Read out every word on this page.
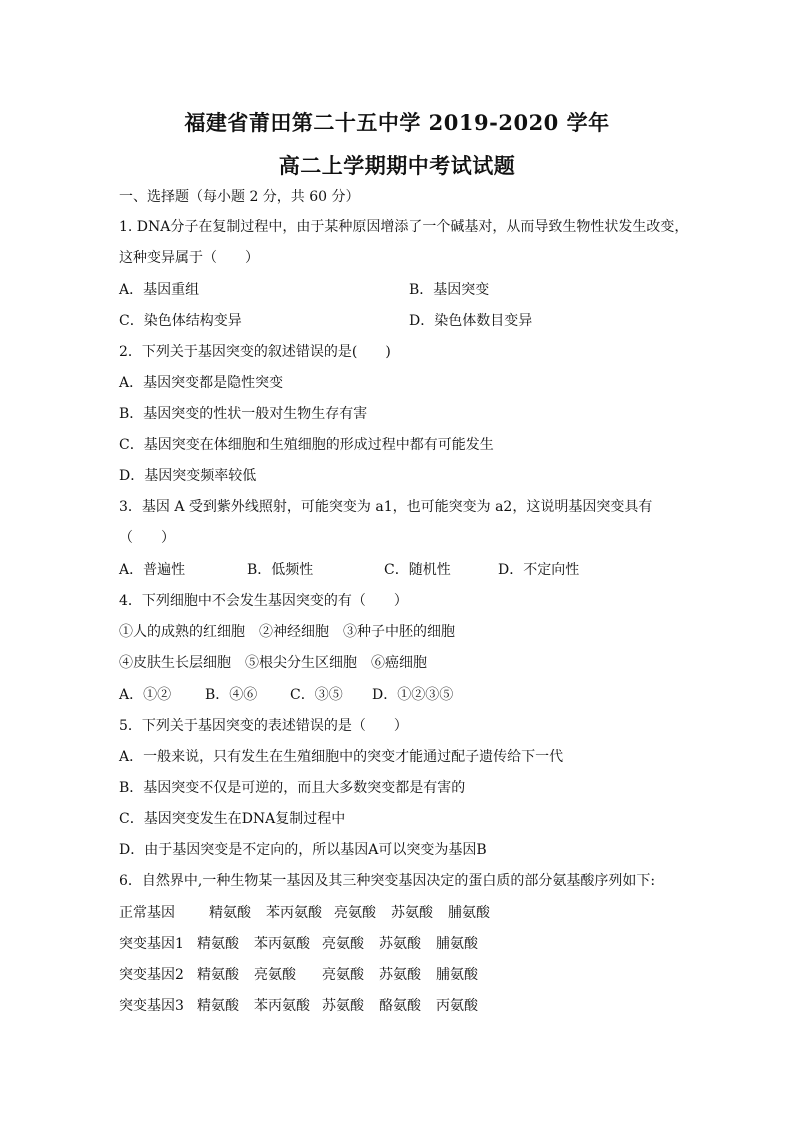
福建省莆田第二十五中学 2019-2020 学年
高二上学期期中考试试题
一、选择题（每小题 2 分，共 60 分）
1. DNA分子在复制过程中，由于某种原因增添了一个碱基对，从而导致生物性状发生改变，
这种变异属于（　　）
A．基因重组	B．基因突变
C．染色体结构变异	D．染色体数目变异
2．下列关于基因突变的叙述错误的是(　　)
A．基因突变都是隐性突变
B．基因突变的性状一般对生物生存有害
C．基因突变在体细胞和生殖细胞的形成过程中都有可能发生
D．基因突变频率较低
3．基因 A 受到紫外线照射，可能突变为 a1，也可能突变为 a2，这说明基因突变具有
（　　）
A．普遍性	B．低频性	C．随机性	D．不定向性
4．下列细胞中不会发生基因突变的有（　　）
①人的成熟的红细胞　②神经细胞　③种子中胚的细胞
④皮肤生长层细胞　⑤根尖分生区细胞　⑥癌细胞
A．①② B．④⑥ C．③⑤ D．①②③⑤
5．下列关于基因突变的表述错误的是（　　）
A．一般来说，只有发生在生殖细胞中的突变才能通过配子遗传给下一代
B．基因突变不仅是可逆的，而且大多数突变都是有害的
C．基因突变发生在DNA复制过程中
D．由于基因突变是不定向的，所以基因A可以突变为基因B
6．自然界中,一种生物某一基因及其三种突变基因决定的蛋白质的部分氨基酸序列如下:
正常基因 精氨酸 苯丙氨酸 亮氨酸 苏氨酸 脯氨酸
突变基因1 精氨酸 苯丙氨酸 亮氨酸 苏氨酸 脯氨酸
突变基因2 精氨酸 亮氨酸 亮氨酸 苏氨酸 脯氨酸
突变基因3 精氨酸 苯丙氨酸 苏氨酸 酪氨酸 丙氨酸
